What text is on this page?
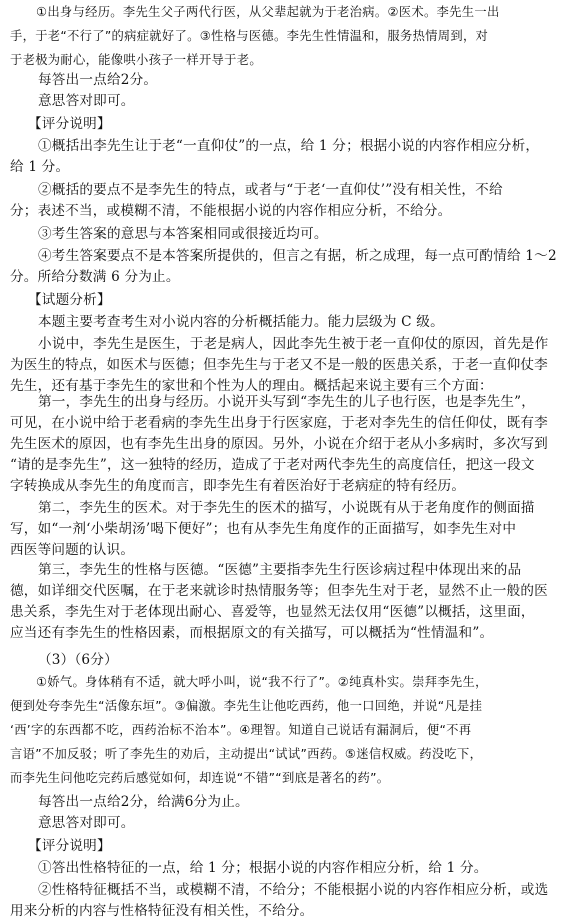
①出身与经历。李先生父子两代行医，从父辈起就为于老治病。②医术。李先生一出
手，于老“不行了”的病症就好了。③性格与医德。李先生性情温和，服务热情周到，对
于老极为耐心，能像哄小孩子一样开导于老。
每答出一点给2分。
意思答对即可。
【评分说明】
①概括出李先生让于老“一直仰仗”的一点，给 1 分；根据小说的内容作相应分析，
给 1 分。
②概括的要点不是李先生的特点，或者与“于老‘一直仰仗’”没有相关性，不给
分；表述不当，或模糊不清，不能根据小说的内容作相应分析，不给分。
③考生答案的意思与本答案相同或很接近均可。
④考生答案要点不是本答案所提供的，但言之有据，析之成理，每一点可酌情给 1～2
分。所给分数满 6 分为止。
【试题分析】
本题主要考查考生对小说内容的分析概括能力。能力层级为 C 级。
小说中，李先生是医生，于老是病人，因此李先生被于老一直仰仗的原因，首先是作
为医生的特点，如医术与医德；但李先生与于老又不是一般的医患关系，于老一直仰仗李
先生，还有基于李先生的家世和个性为人的理由。概括起来说主要有三个方面：
第一，李先生的出身与经历。小说开头写到“李先生的儿子也行医，也是李先生”，
可见，在小说中给于老看病的李先生出身于行医家庭，于老对李先生的信任仰仗，既有李
先生医术的原因，也有李先生出身的原因。另外，小说在介绍于老从小多病时，多次写到
“请的是李先生”，这一独特的经历，造成了于老对两代李先生的高度信任，把这一段文
字转换成从李先生的角度而言，即李先生有着医治好于老病症的特有经历。
第二，李先生的医术。对于李先生的医术的描写，小说既有从于老角度作的侧面描
写，如“一剂‘小柴胡汤’喝下便好”；也有从李先生角度作的正面描写，如李先生对中
西医等问题的认识。
第三，李先生的性格与医德。“医德”主要指李先生行医诊病过程中体现出来的品
德，如详细交代医嘱，在于老来就诊时热情服务等；但李先生对于老，显然不止一般的医
患关系，李先生对于老体现出耐心、喜爱等，也显然无法仅用“医德”以概括，这里面，
应当还有李先生的性格因素，而根据原文的有关描写，可以概括为“性情温和”。
（3）（6分）
①娇气。身体稍有不适，就大呼小叫，说“我不行了”。②纯真朴实。崇拜李先生，
便到处夸李先生“活像东垣”。③偏激。李先生让他吃西药，他一口回绝，并说“凡是挂
‘西’字的东西都不吃，西药治标不治本”。④理智。知道自己说话有漏洞后，便“不再
言语”不加反驳；听了李先生的劝后，主动提出“试试”西药。⑤迷信权威。药没吃下，
而李先生问他吃完药后感觉如何，却连说“不错”“到底是著名的药”。
每答出一点给2分，给满6分为止。
意思答对即可。
【评分说明】
①答出性格特征的一点，给 1 分；根据小说的内容作相应分析，给 1 分。
②性格特征概括不当，或模糊不清，不给分；不能根据小说的内容作相应分析，或选
用来分析的内容与性格特征没有相关性，不给分。
